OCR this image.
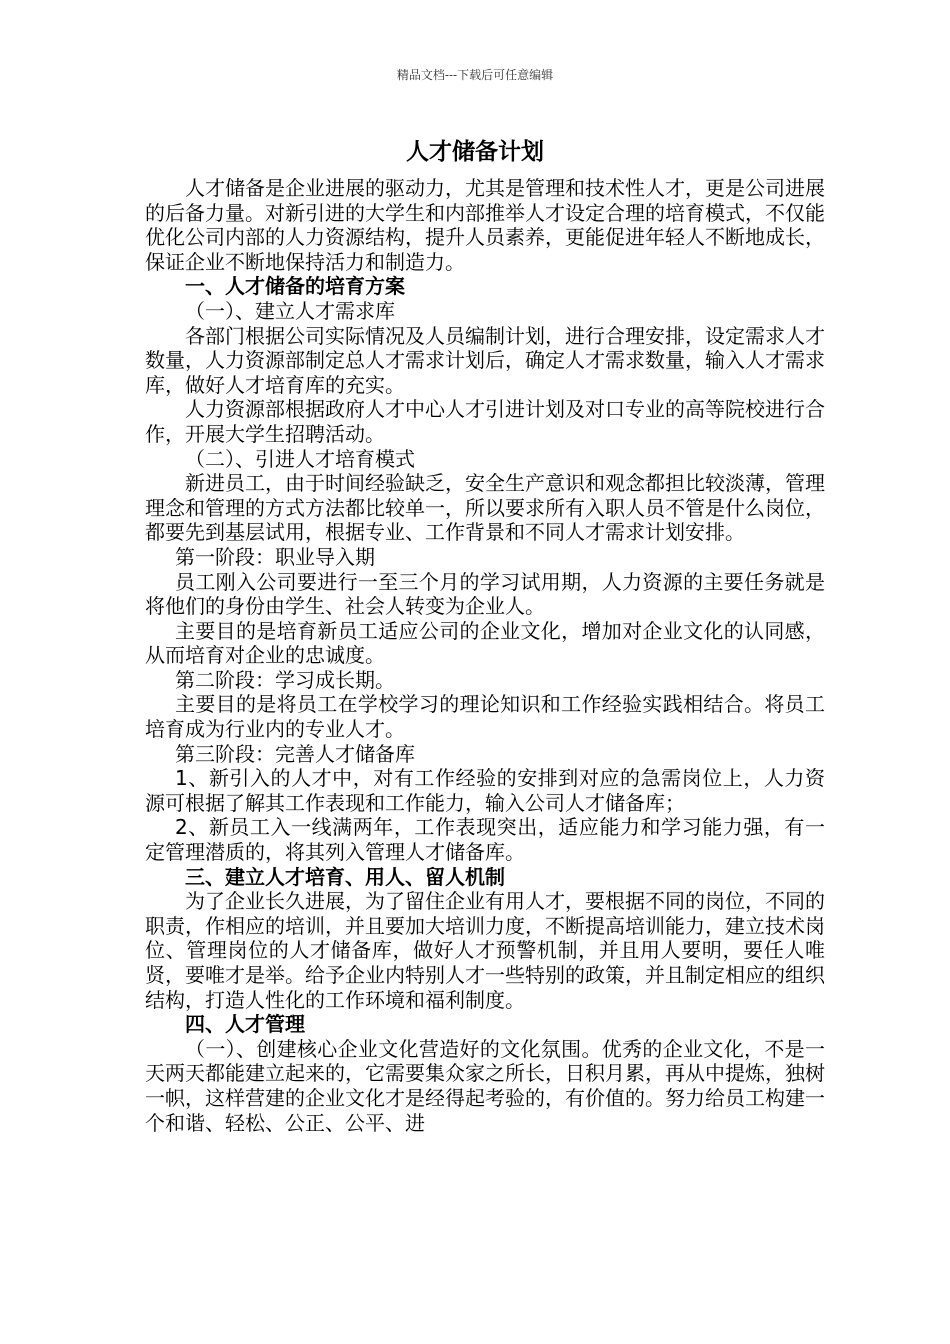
精品文档---下载后可任意编辑
人才储备计划

人才储备是企业进展的驱动力，尤其是管理和技术性人才，更是公司进展的后备力量。对新引进的大学生和内部推举人才设定合理的培育模式，不仅能优化公司内部的人力资源结构，提升人员素养，更能促进年轻人不断地成长，保证企业不断地保持活力和制造力。

一、人才储备的培育方案

（一）、建立人才需求库

各部门根据公司实际情况及人员编制计划，进行合理安排，设定需求人才数量，人力资源部制定总人才需求计划后，确定人才需求数量，输入人才需求库，做好人才培育库的充实。

人力资源部根据政府人才中心人才引进计划及对口专业的高等院校进行合作，开展大学生招聘活动。

（二）、引进人才培育模式

新进员工，由于时间经验缺乏，安全生产意识和观念都担比较淡薄，管理理念和管理的方式方法都比较单一，所以要求所有入职人员不管是什么岗位，都要先到基层试用，根据专业、工作背景和不同人才需求计划安排。

第一阶段：职业导入期

员工刚入公司要进行一至三个月的学习试用期，人力资源的主要任务就是将他们的身份由学生、社会人转变为企业人。

主要目的是培育新员工适应公司的企业文化，增加对企业文化的认同感，从而培育对企业的忠诚度。

第二阶段：学习成长期。

主要目的是将员工在学校学习的理论知识和工作经验实践相结合。将员工培育成为行业内的专业人才。

第三阶段：完善人才储备库

1、新引入的人才中，对有工作经验的安排到对应的急需岗位上，人力资源可根据了解其工作表现和工作能力，输入公司人才储备库；

2、新员工入一线满两年，工作表现突出，适应能力和学习能力强，有一定管理潜质的，将其列入管理人才储备库。

三、建立人才培育、用人、留人机制

为了企业长久进展，为了留住企业有用人才，要根据不同的岗位，不同的职责，作相应的培训，并且要加大培训力度，不断提高培训能力，建立技术岗位、管理岗位的人才储备库，做好人才预警机制，并且用人要明，要任人唯贤，要唯才是举。给予企业内特别人才一些特别的政策，并且制定相应的组织结构，打造人性化的工作环境和福利制度。

四、人才管理

（一）、创建核心企业文化营造好的文化氛围。优秀的企业文化，不是一天两天都能建立起来的，它需要集众家之所长，日积月累，再从中提炼，独树一帜，这样营建的企业文化才是经得起考验的，有价值的。努力给员工构建一个和谐、轻松、公正、公平、进
